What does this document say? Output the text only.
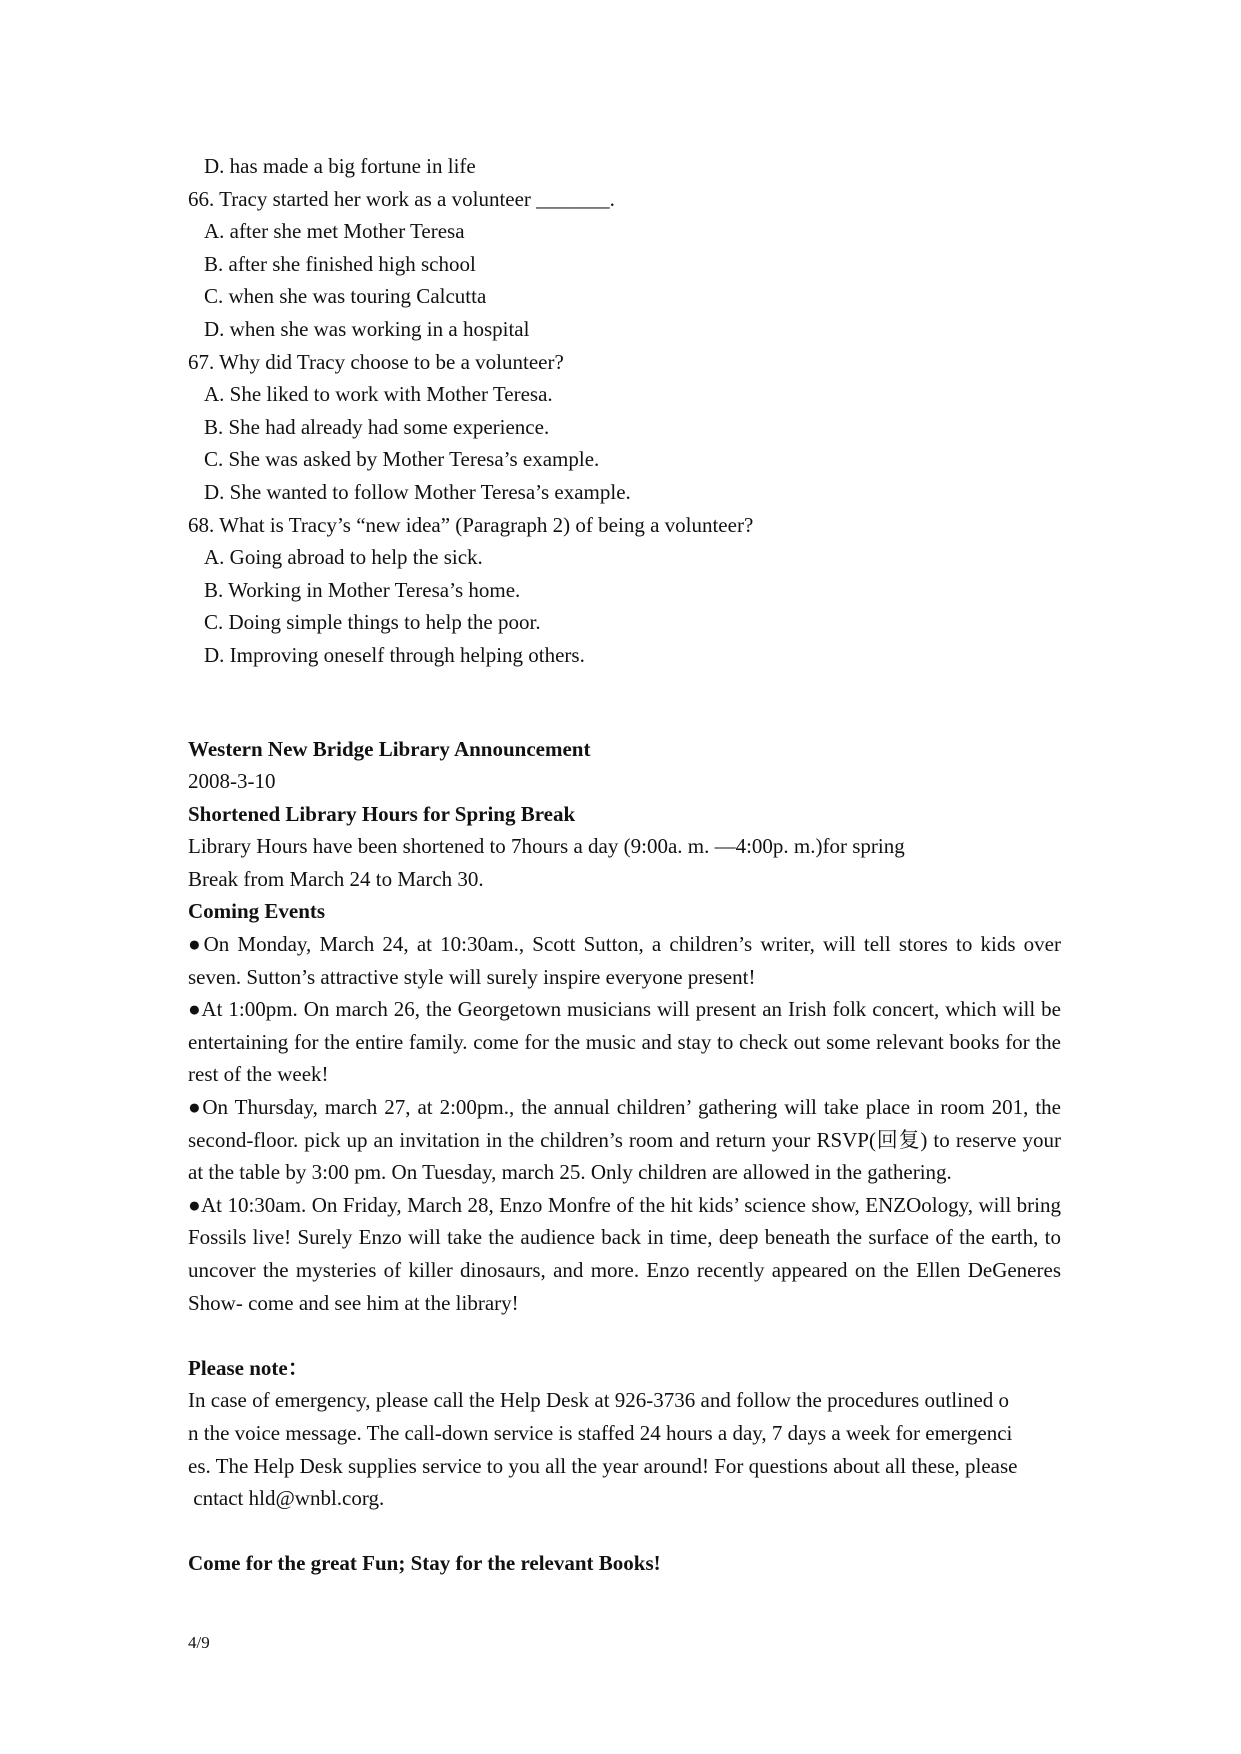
D. has made a big fortune in life
66. Tracy started her work as a volunteer _______.
A. after she met Mother Teresa
B. after she finished high school
C. when she was touring Calcutta
D. when she was working in a hospital
67. Why did Tracy choose to be a volunteer?
A. She liked to work with Mother Teresa.
B. She had already had some experience.
C. She was asked by Mother Teresa’s example.
D. She wanted to follow Mother Teresa’s example.
68. What is Tracy’s “new idea” (Paragraph 2) of being a volunteer?
A. Going abroad to help the sick.
B. Working in Mother Teresa’s home.
C. Doing simple things to help the poor.
D. Improving oneself through helping others.
Western New Bridge Library Announcement
2008-3-10
Shortened Library Hours for Spring Break
Library Hours have been shortened to 7hours a day (9:00a. m. —4:00p. m.)for spring
Break from March 24 to March 30.
Coming Events
●On Monday, March 24, at 10:30am., Scott Sutton, a children’s writer, will tell stores to kids over seven. Sutton’s attractive style will surely inspire everyone present!
●At 1:00pm. On march 26, the Georgetown musicians will present an Irish folk concert, which will be entertaining for the entire family. come for the music and stay to check out some relevant books for the rest of the week!
●On Thursday, march 27, at 2:00pm., the annual children’ gathering will take place in room 201, the second-floor. pick up an invitation in the children’s room and return your RSVP(回复) to reserve your at the table by 3:00 pm. On Tuesday, march 25. Only children are allowed in the gathering.
●At 10:30am. On Friday, March 28, Enzo Monfre of the hit kids’ science show, ENZOology, will bring Fossils live! Surely Enzo will take the audience back in time, deep beneath the surface of the earth, to uncover the mysteries of killer dinosaurs, and more. Enzo recently appeared on the Ellen DeGeneres Show- come and see him at the library!
Please note：
In case of emergency, please call the Help Desk at 926-3736 and follow the procedures outlined o
n the voice message. The call-down service is staffed 24 hours a day, 7 days a week for emergenci
es. The Help Desk supplies service to you all the year around! For questions about all these, please
cntact hld@wnbl.corg.
Come for the great Fun; Stay for the relevant Books!
4/9
